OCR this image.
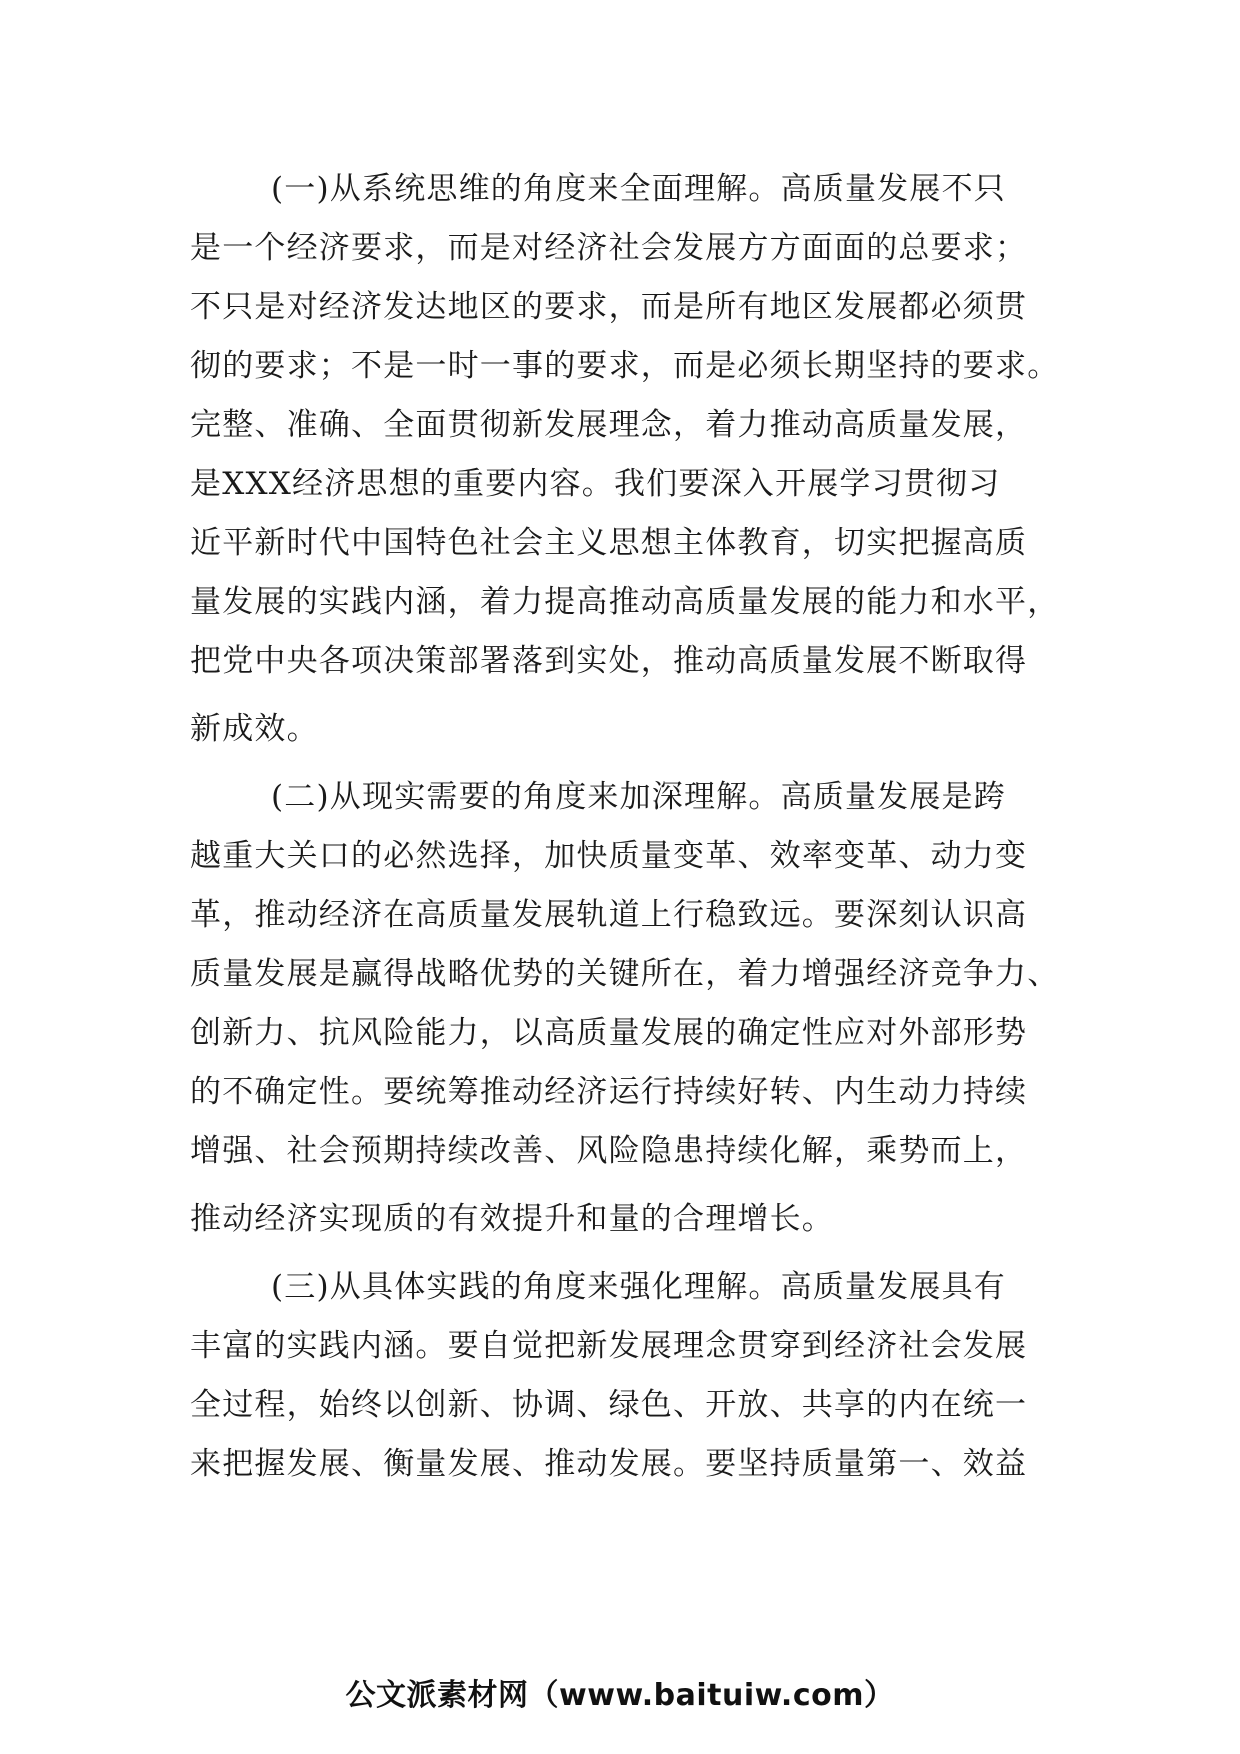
(一)从系统思维的角度来全面理解。高质量发展不只
是一个经济要求，而是对经济社会发展方方面面的总要求；
不只是对经济发达地区的要求，而是所有地区发展都必须贯
彻的要求；不是一时一事的要求，而是必须长期坚持的要求。
完整、准确、全面贯彻新发展理念，着力推动高质量发展，
是XXX经济思想的重要内容。我们要深入开展学习贯彻习
近平新时代中国特色社会主义思想主体教育，切实把握高质
量发展的实践内涵，着力提高推动高质量发展的能力和水平，
把党中央各项决策部署落到实处，推动高质量发展不断取得
新成效。
(二)从现实需要的角度来加深理解。高质量发展是跨
越重大关口的必然选择，加快质量变革、效率变革、动力变
革，推动经济在高质量发展轨道上行稳致远。要深刻认识高
质量发展是赢得战略优势的关键所在，着力增强经济竞争力、
创新力、抗风险能力，以高质量发展的确定性应对外部形势
的不确定性。要统筹推动经济运行持续好转、内生动力持续
增强、社会预期持续改善、风险隐患持续化解，乘势而上，
推动经济实现质的有效提升和量的合理增长。
(三)从具体实践的角度来强化理解。高质量发展具有
丰富的实践内涵。要自觉把新发展理念贯穿到经济社会发展
全过程，始终以创新、协调、绿色、开放、共享的内在统一
来把握发展、衡量发展、推动发展。要坚持质量第一、效益
公文派素材网（www.baituiw.com）
